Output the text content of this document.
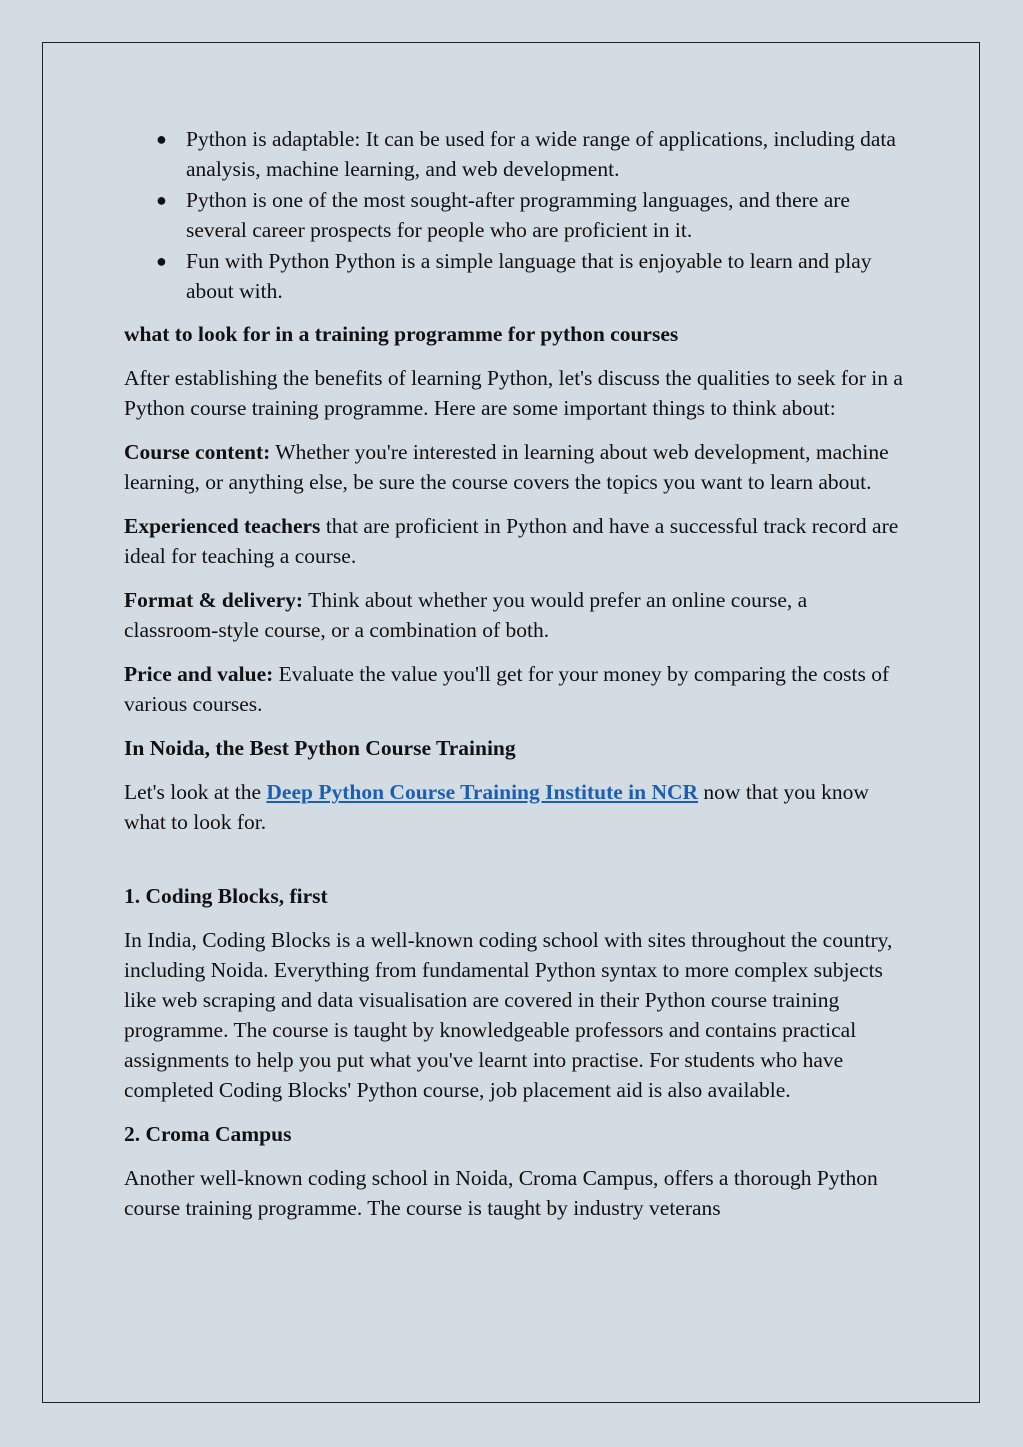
● Python is adaptable: It can be used for a wide range of applications, including data analysis, machine learning, and web development.
● Python is one of the most sought-after programming languages, and there are several career prospects for people who are proficient in it.
● Fun with Python Python is a simple language that is enjoyable to learn and play about with.
what to look for in a training programme for python courses

After establishing the benefits of learning Python, let's discuss the qualities to seek for in a Python course training programme. Here are some important things to think about:

Course content: Whether you're interested in learning about web development, machine learning, or anything else, be sure the course covers the topics you want to learn about.

Experienced teachers that are proficient in Python and have a successful track record are ideal for teaching a course.

Format & delivery: Think about whether you would prefer an online course, a classroom-style course, or a combination of both.

Price and value: Evaluate the value you'll get for your money by comparing the costs of various courses.

In Noida, the Best Python Course Training

Let's look at the Deep Python Course Training Institute in NCR now that you know what to look for.

1. Coding Blocks, first

In India, Coding Blocks is a well-known coding school with sites throughout the country, including Noida. Everything from fundamental Python syntax to more complex subjects like web scraping and data visualisation are covered in their Python course training programme. The course is taught by knowledgeable professors and contains practical assignments to help you put what you've learnt into practise. For students who have completed Coding Blocks' Python course, job placement aid is also available.

2. Croma Campus

Another well-known coding school in Noida, Croma Campus, offers a thorough Python course training programme. The course is taught by industry veterans
